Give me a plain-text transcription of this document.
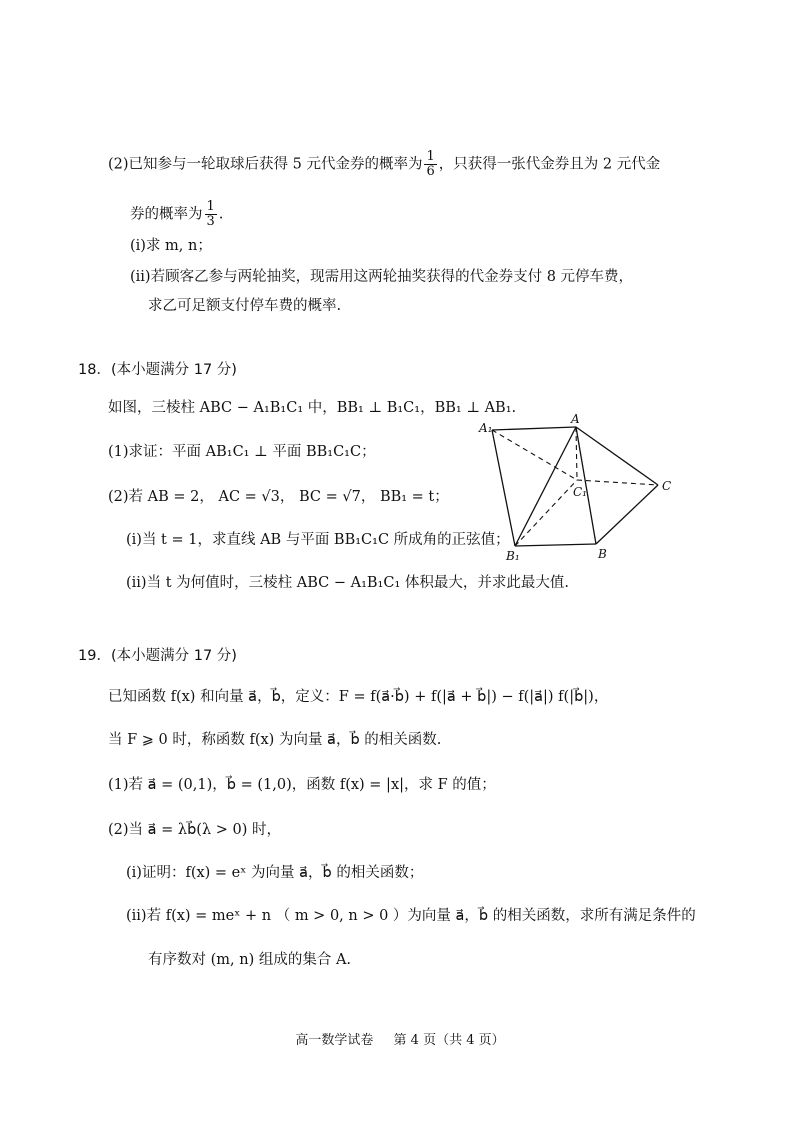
(2)已知参与一轮取球后获得 5 元代金券的概率为 $\frac{1}{6}$ ，只获得一张代金券且为 2 元代金
券的概率为 $\frac{1}{3}$ .
(ⅰ)求 m, n；
(ii)若顾客乙参与两轮抽奖，现需用这两轮抽奖获得的代金券支付 8 元停车费，
求乙可足额支付停车费的概率.
18．(本小题满分 17 分)
如图，三棱柱 ABC − A₁B₁C₁ 中，BB₁ ⊥ B₁C₁，BB₁ ⊥ AB₁.
(1)求证：平面 AB₁C₁ ⊥ 平面 BB₁C₁C；
(2)若 AB = 2， AC = √3， BC = √7， BB₁ = t；
(i)当 t = 1，求直线 AB 与平面 BB₁C₁C 所成角的正弦值；
(ii)当 t 为何值时，三棱柱 ABC − A₁B₁C₁ 体积最大，并求此最大值.
A₁
A
C₁	C
B₁	B
19．(本小题满分 17 分)
已知函数 f(x) 和向量 a⃗，b⃗，定义：F = f(a⃗·b⃗) + f(|a⃗ + b⃗|) − f(|a⃗|) f(|b⃗|)，
当 F ⩾ 0 时，称函数 f(x) 为向量 a⃗，b⃗ 的相关函数.
(1)若 a⃗ = (0,1)，b⃗ = (1,0)，函数 f(x) = |x|，求 F 的值；
(2)当 a⃗ = λb⃗(λ > 0) 时，
(i)证明：f(x) = eˣ 为向量 a⃗，b⃗ 的相关函数；
(ii)若 f(x) = meˣ + n （ m > 0, n > 0 ）为向量 a⃗，b⃗ 的相关函数，求所有满足条件的
有序数对 (m, n) 组成的集合 A.
高一数学试卷 第 4 页（共 4 页）
